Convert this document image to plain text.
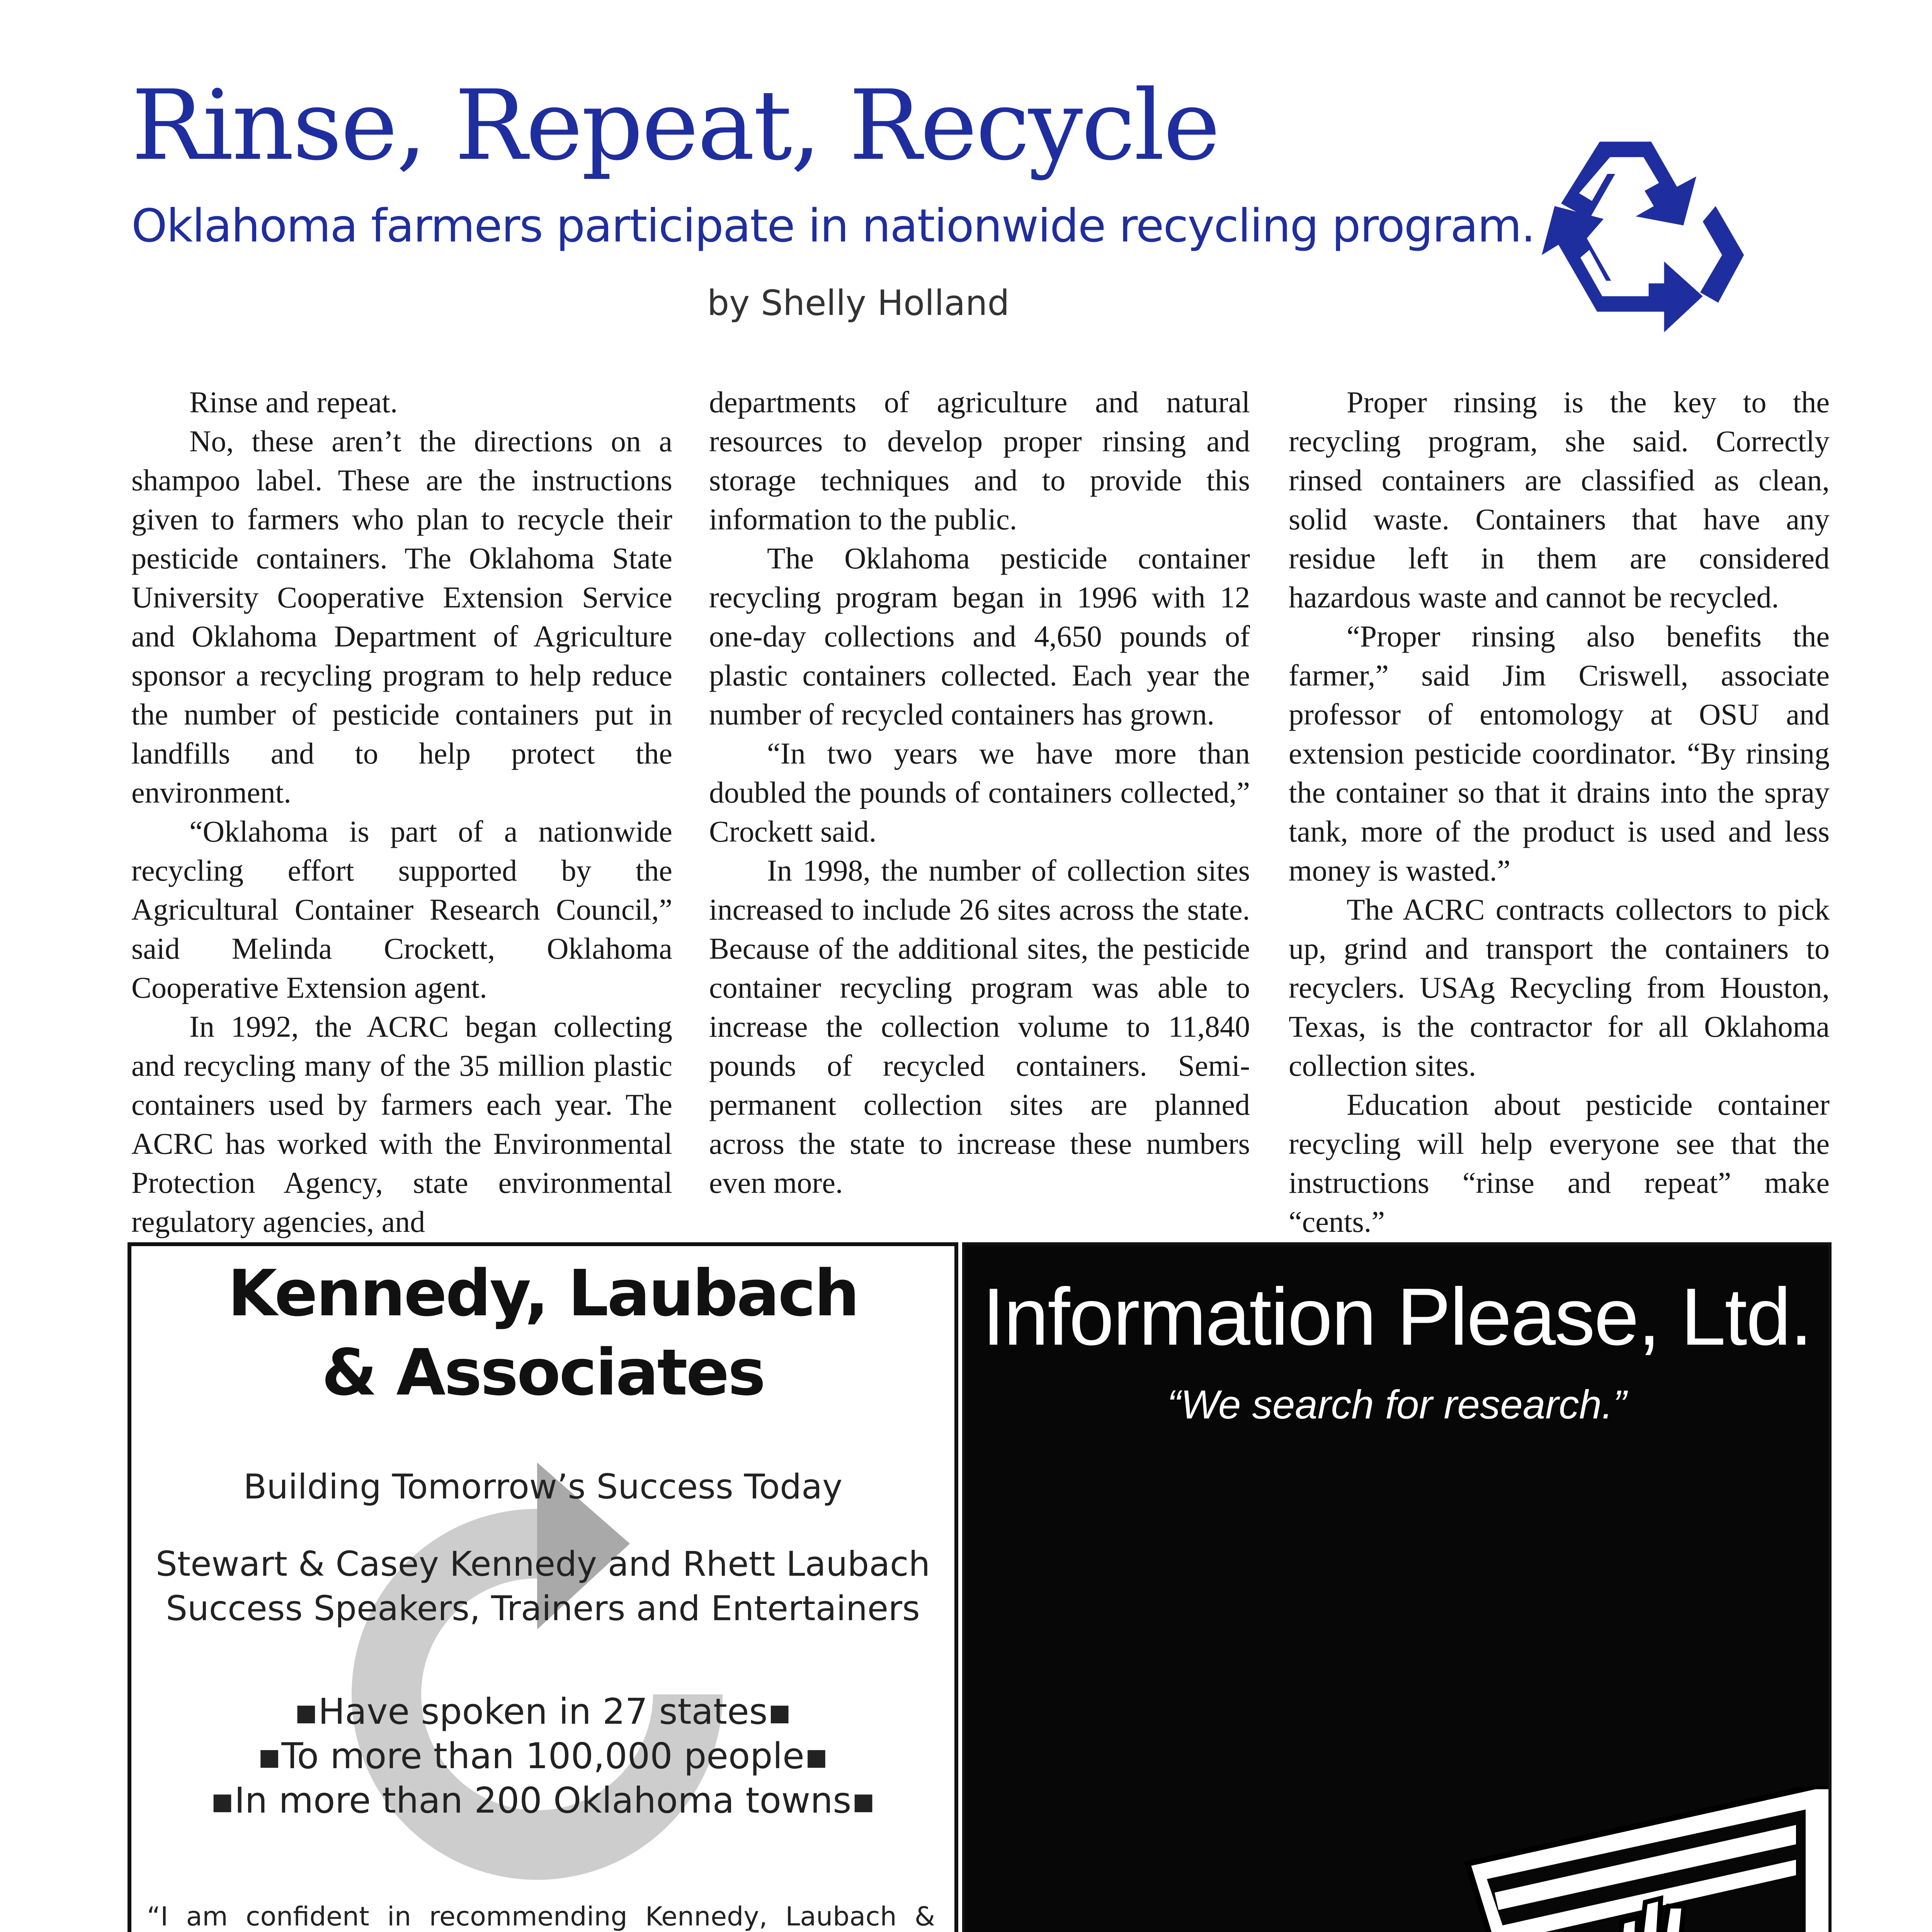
Rinse, Repeat, Recycle
Oklahoma farmers participate in nationwide recycling program.
by Shelly Holland

Rinse and repeat.

No, these aren’t the directions on a shampoo label. These are the instructions given to farmers who plan to recycle their pesticide containers. The Oklahoma State University Cooperative Extension Service and Oklahoma Department of Agriculture sponsor a recycling program to help reduce the number of pesticide containers put in landfills and to help protect the environment.

“Oklahoma is part of a nationwide recycling effort supported by the Agricultural Container Research Council,” said Melinda Crockett, Oklahoma Cooperative Extension agent.

In 1992, the ACRC began collecting and recycling many of the 35 million plastic containers used by farmers each year. The ACRC has worked with the Environmental Protection Agency, state environmental regulatory agencies, and

departments of agriculture and natural resources to develop proper rinsing and storage techniques and to provide this information to the public.

The Oklahoma pesticide container recycling program began in 1996 with 12 one-day collections and 4,650 pounds of plastic containers collected. Each year the number of recycled containers has grown.

“In two years we have more than doubled the pounds of containers collected,” Crockett said.

In 1998, the number of collection sites increased to include 26 sites across the state. Because of the additional sites, the pesticide container recycling program was able to increase the collection volume to 11,840 pounds of recycled containers. Semi-permanent collection sites are planned across the state to increase these numbers even more.

Proper rinsing is the key to the recycling program, she said. Correctly rinsed containers are classified as clean, solid waste. Containers that have any residue left in them are considered hazardous waste and cannot be recycled.

“Proper rinsing also benefits the farmer,” said Jim Criswell, associate professor of entomology at OSU and extension pesticide coordinator. “By rinsing the container so that it drains into the spray tank, more of the product is used and less money is wasted.”

The ACRC contracts collectors to pick up, grind and transport the containers to recyclers. USAg Recycling from Houston, Texas, is the contractor for all Oklahoma collection sites.

Education about pesticide container recycling will help everyone see that the instructions “rinse and repeat” make “cents.”

Kennedy, Laubach
& Associates
Building Tomorrow’s Success Today
Stewart & Casey Kennedy and Rhett Laubach
Success Speakers, Trainers and Entertainers
▪Have spoken in 27 states▪
▪To more than 100,000 people▪
▪In more than 200 Oklahoma towns▪
“I am confident in recommending Kennedy, Laubach &
Information Please, Ltd.
“We search for research.”
